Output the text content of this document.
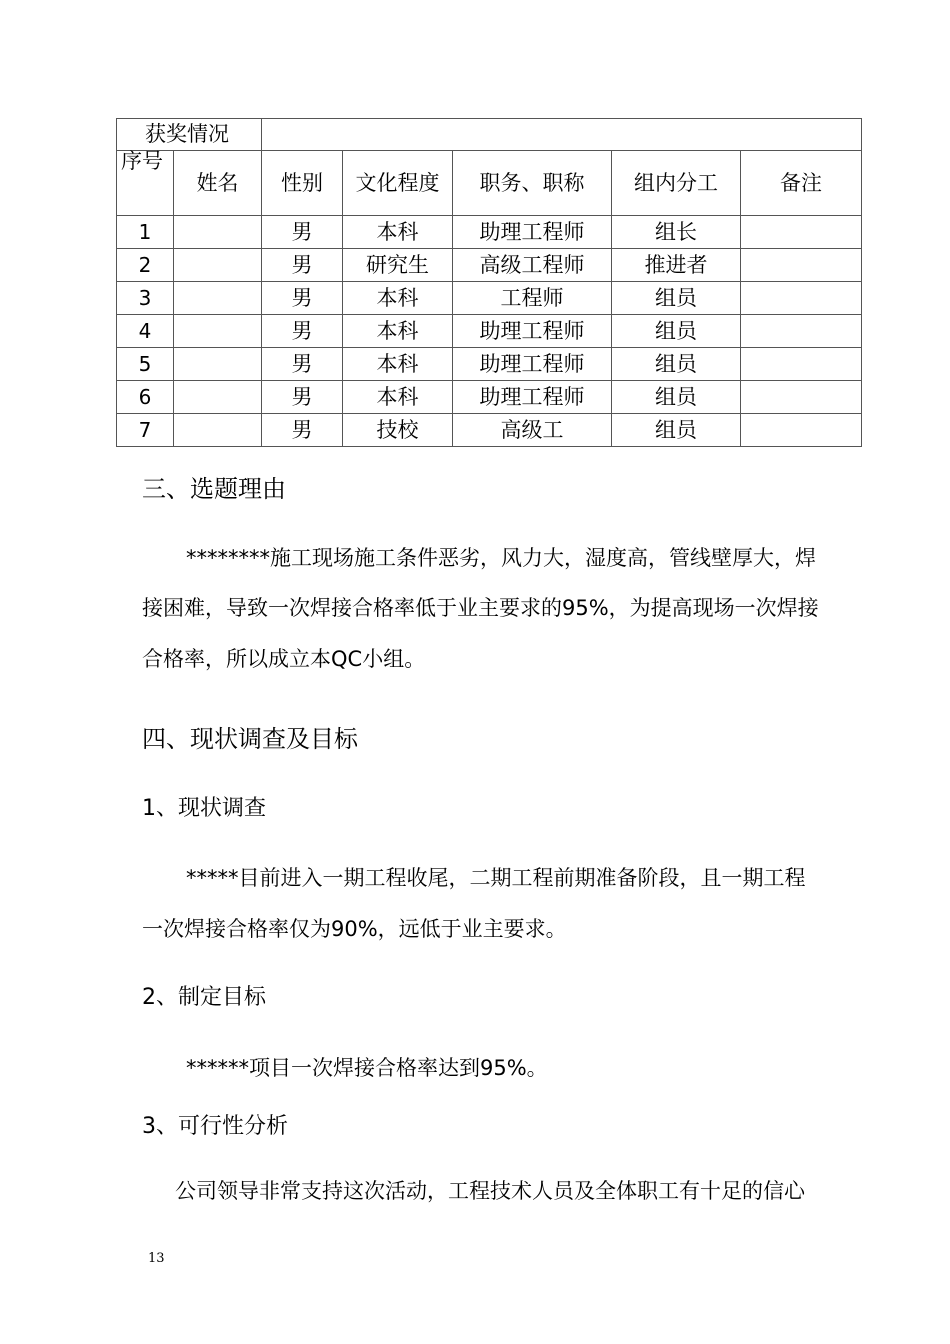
获奖情况						
序号	姓名	性别	文化程度	职务、职称	组内分工	备注
1		男	本科	助理工程师	组长	
2		男	研究生	高级工程师	推进者	
3		男	本科	工程师	组员	
4		男	本科	助理工程师	组员	
5		男	本科	助理工程师	组员	
6		男	本科	助理工程师	组员	
7		男	技校	高级工	组员	
三、选题理由
********施工现场施工条件恶劣，风力大，湿度高，管线壁厚大，焊
接困难，导致一次焊接合格率低于业主要求的95%，为提高现场一次焊接
合格率，所以成立本QC小组。
四、现状调查及目标
1、现状调查
*****目前进入一期工程收尾，二期工程前期准备阶段，且一期工程
一次焊接合格率仅为90%，远低于业主要求。
2、制定目标
******项目一次焊接合格率达到95%。
3、可行性分析
公司领导非常支持这次活动，工程技术人员及全体职工有十足的信心
13
